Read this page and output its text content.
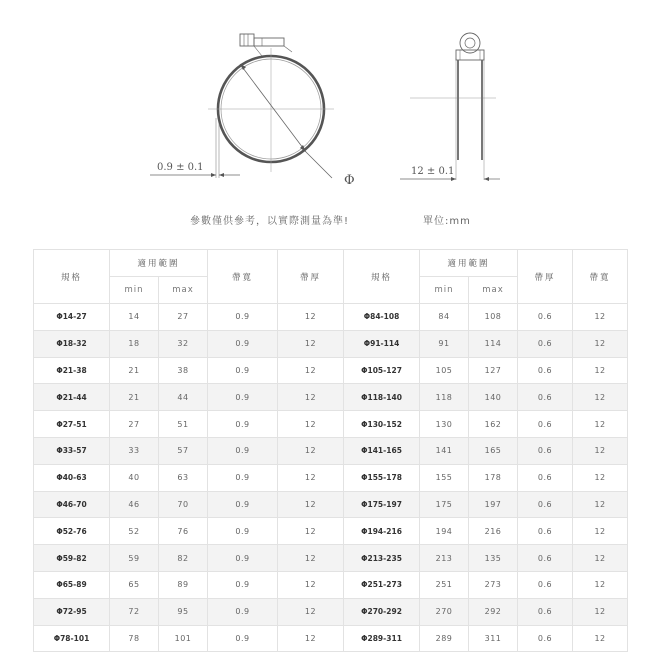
0.9 ± 0.1
Φ
12 ± 0.1
參數僅供參考，以實際測量為準!	單位:mm
規格	適用範圍		帶寬	帶厚	規格	適用範圍		帶厚	帶寬
	min	max				min	max		
Φ14-27	14	27	0.9	12	Φ84-108	84	108	0.6	12
Φ18-32	18	32	0.9	12	Φ91-114	91	114	0.6	12
Φ21-38	21	38	0.9	12	Φ105-127	105	127	0.6	12
Φ21-44	21	44	0.9	12	Φ118-140	118	140	0.6	12
Φ27-51	27	51	0.9	12	Φ130-152	130	162	0.6	12
Φ33-57	33	57	0.9	12	Φ141-165	141	165	0.6	12
Φ40-63	40	63	0.9	12	Φ155-178	155	178	0.6	12
Φ46-70	46	70	0.9	12	Φ175-197	175	197	0.6	12
Φ52-76	52	76	0.9	12	Φ194-216	194	216	0.6	12
Φ59-82	59	82	0.9	12	Φ213-235	213	135	0.6	12
Φ65-89	65	89	0.9	12	Φ251-273	251	273	0.6	12
Φ72-95	72	95	0.9	12	Φ270-292	270	292	0.6	12
Φ78-101	78	101	0.9	12	Φ289-311	289	311	0.6	12
